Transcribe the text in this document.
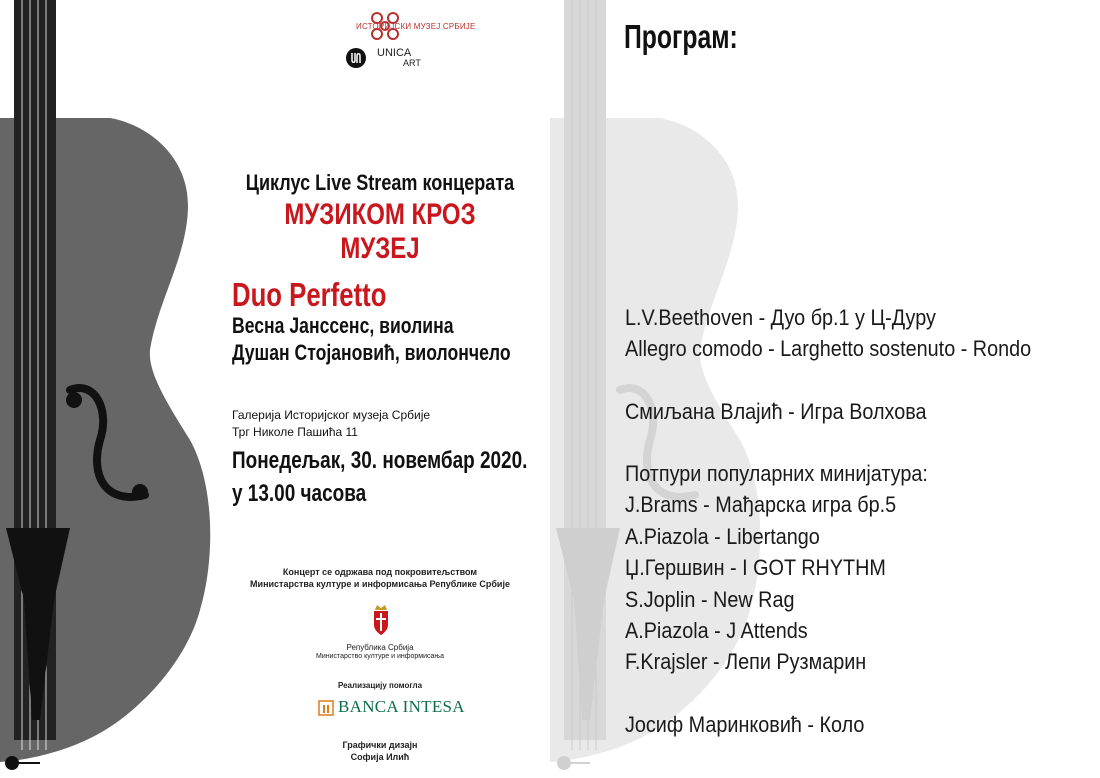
ИСТОРИЈСКИ МУЗЕЈ СРБИЈЕ
UNICA
ART
Циклус Live Stream концерата
МУЗИКОМ КРОЗ МУЗЕЈ
Duo Perfetto
Весна Јанссенс, виолина
Душан Стојановић, виолончело
Галерија Историјског музеја Србије
Трг Николе Пашића 11
Понедељак, 30. новембар 2020.
у 13.00 часова
Концерт се одржава под покровитељством
Министарства културе и информисања Републике Србије
Република Србија
Министарство културе и информисања
Реализацију помогла
BANCA INTESA
Графички дизајн
Софија Илић
Програм:
L.V.Beethoven - Дуо бр.1 у Ц-Дуру
Allegro comodo - Larghetto sostenuto - Rondo
Смиљана Влајић - Игра Волхова
Потпури популарних минијатура:
J.Brams - Мађарска игра бр.5
A.Piazola - Libertango
Џ.Гершвин - I GOT RHYTHM
S.Joplin - New Rag
A.Piazola - J Attends
F.Krajsler - Лепи Рузмарин
Јосиф Маринковић - Коло
